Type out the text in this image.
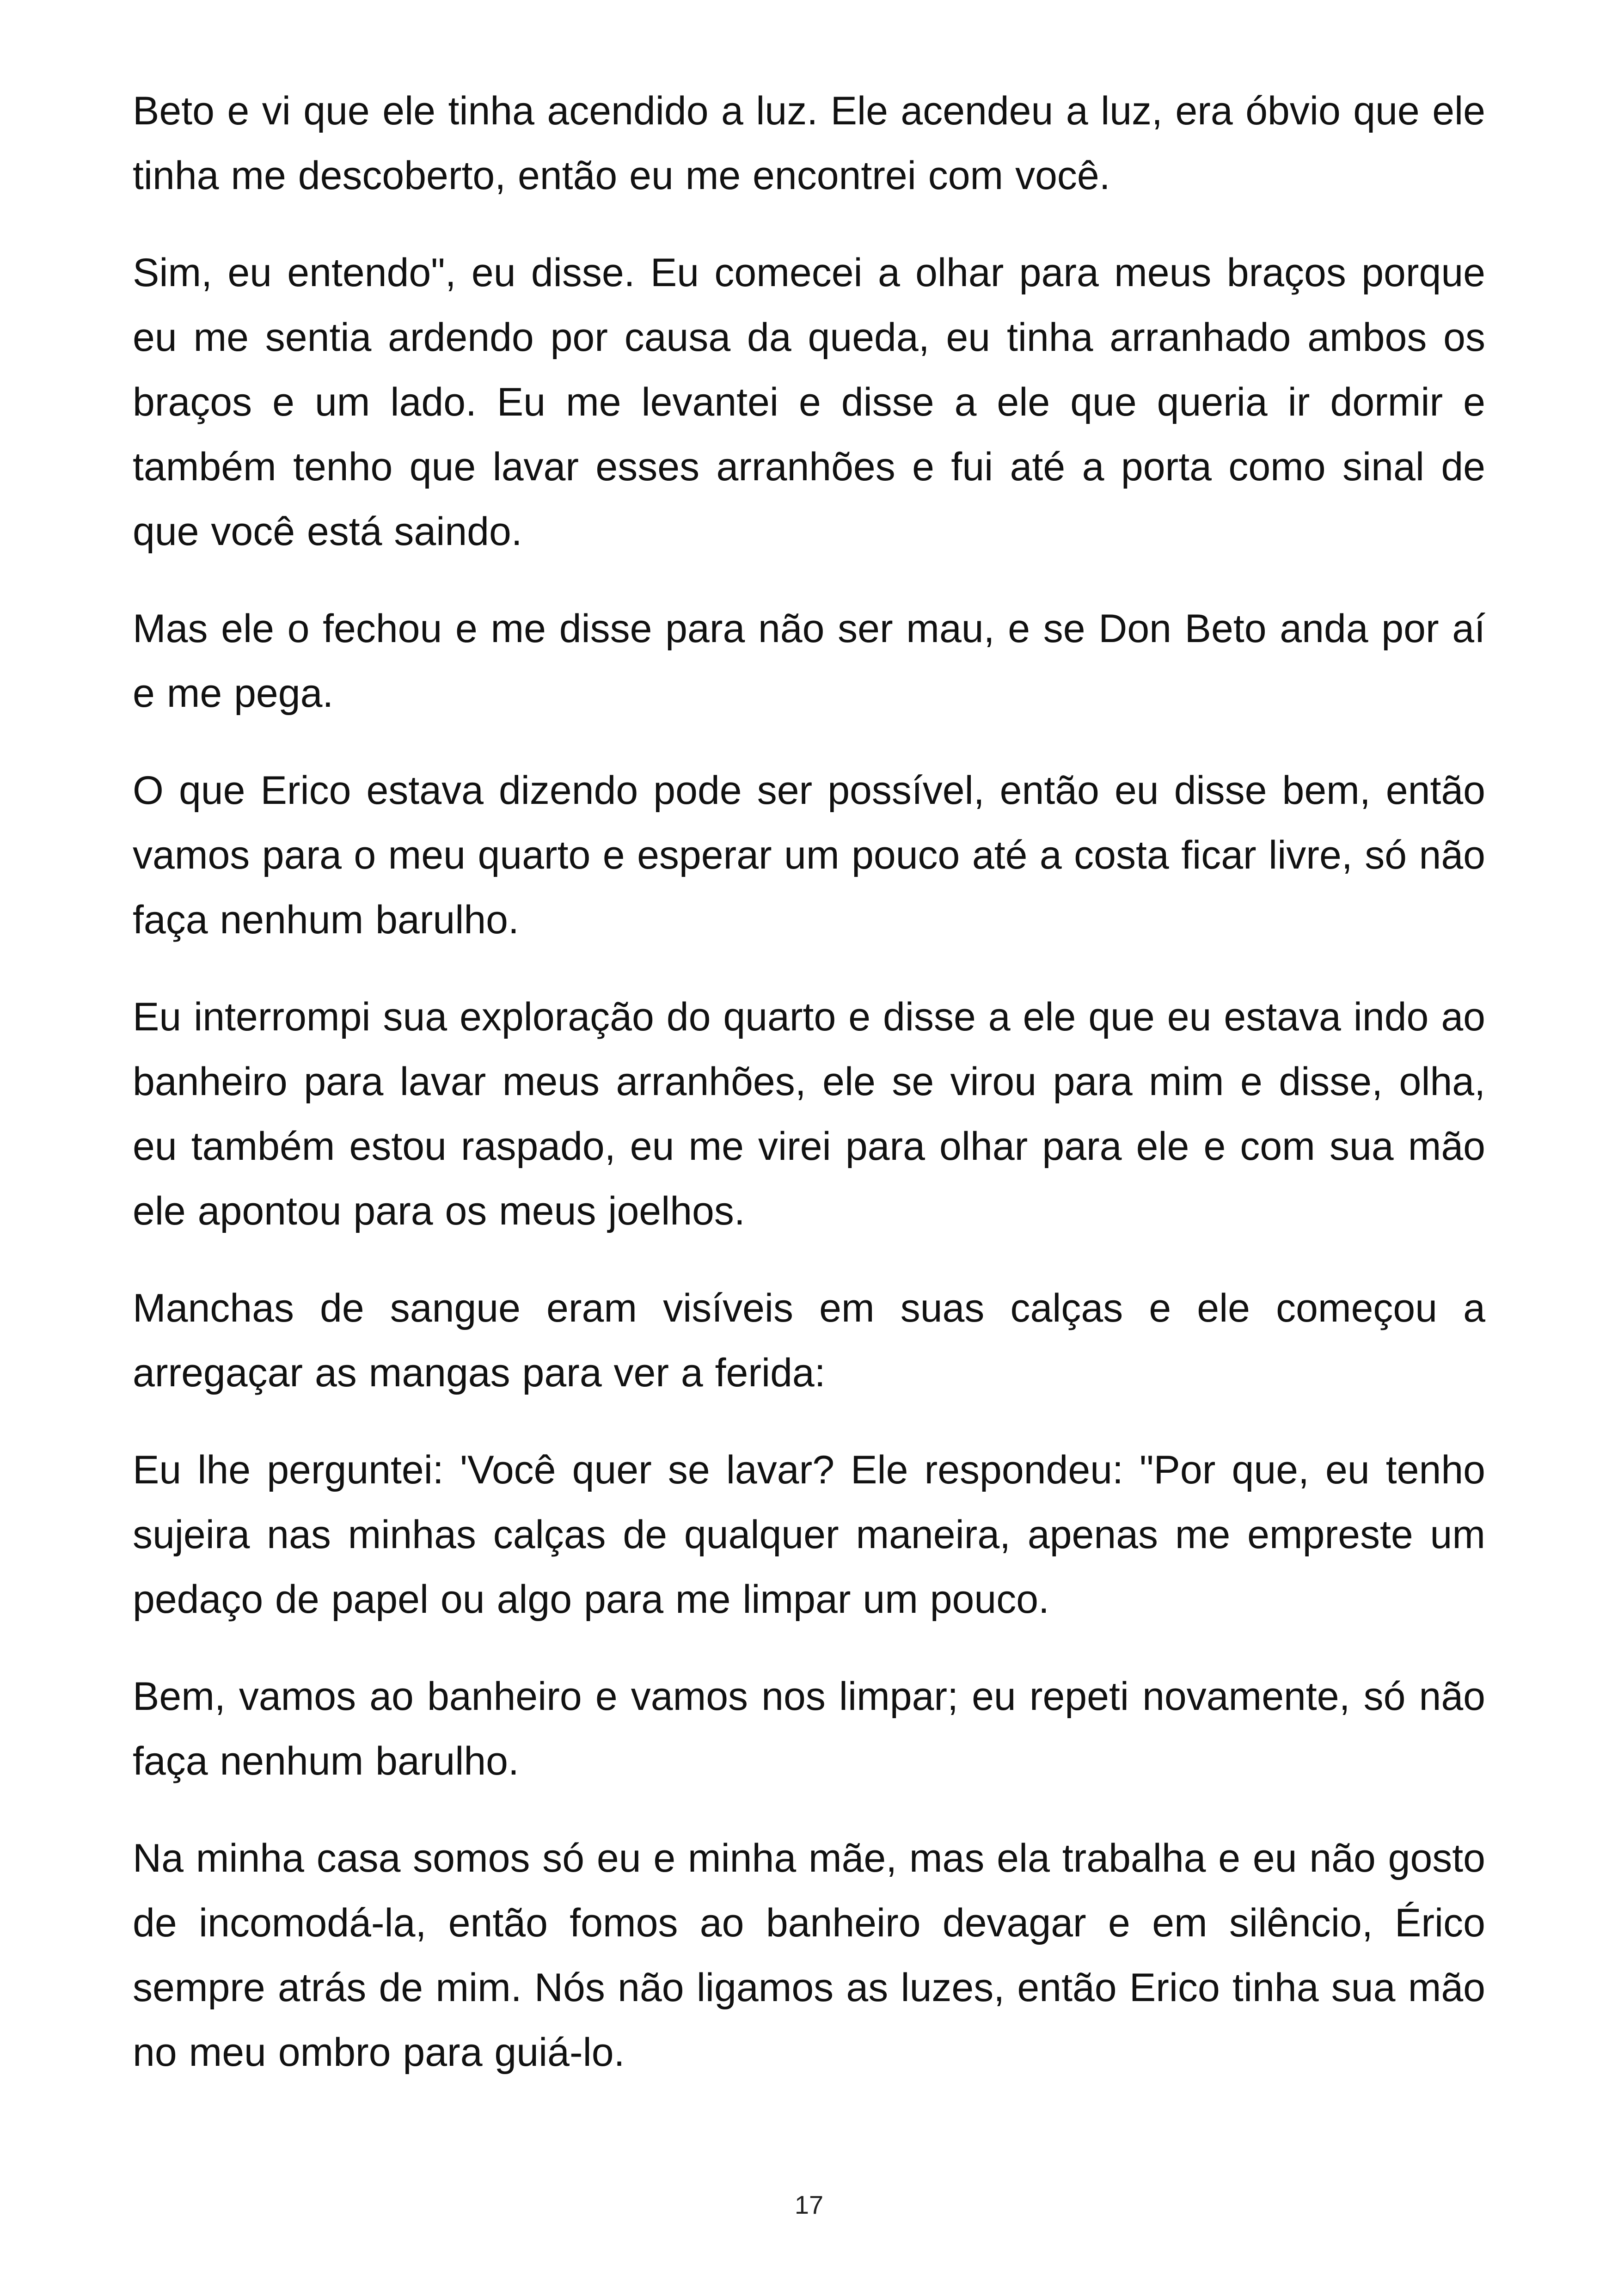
Beto e vi que ele tinha acendido a luz. Ele acendeu a luz, era óbvio que ele tinha me descoberto, então eu me encontrei com você.

Sim, eu entendo", eu disse. Eu comecei a olhar para meus braços porque eu me sentia ardendo por causa da queda, eu tinha arranhado ambos os braços e um lado. Eu me levantei e disse a ele que queria ir dormir e também tenho que lavar esses arranhões e fui até a porta como sinal de que você está saindo.

Mas ele o fechou e me disse para não ser mau, e se Don Beto anda por aí e me pega.

O que Erico estava dizendo pode ser possível, então eu disse bem, então vamos para o meu quarto e esperar um pouco até a costa ficar livre, só não faça nenhum barulho.

Eu interrompi sua exploração do quarto e disse a ele que eu estava indo ao banheiro para lavar meus arranhões, ele se virou para mim e disse, olha, eu também estou raspado, eu me virei para olhar para ele e com sua mão ele apontou para os meus joelhos.

Manchas de sangue eram visíveis em suas calças e ele começou a arregaçar as mangas para ver a ferida:

Eu lhe perguntei: 'Você quer se lavar? Ele respondeu: "Por que, eu tenho sujeira nas minhas calças de qualquer maneira, apenas me empreste um pedaço de papel ou algo para me limpar um pouco.

Bem, vamos ao banheiro e vamos nos limpar; eu repeti novamente, só não faça nenhum barulho.

Na minha casa somos só eu e minha mãe, mas ela trabalha e eu não gosto de incomodá-la, então fomos ao banheiro devagar e em silêncio, Érico sempre atrás de mim. Nós não ligamos as luzes, então Erico tinha sua mão no meu ombro para guiá-lo.

17
